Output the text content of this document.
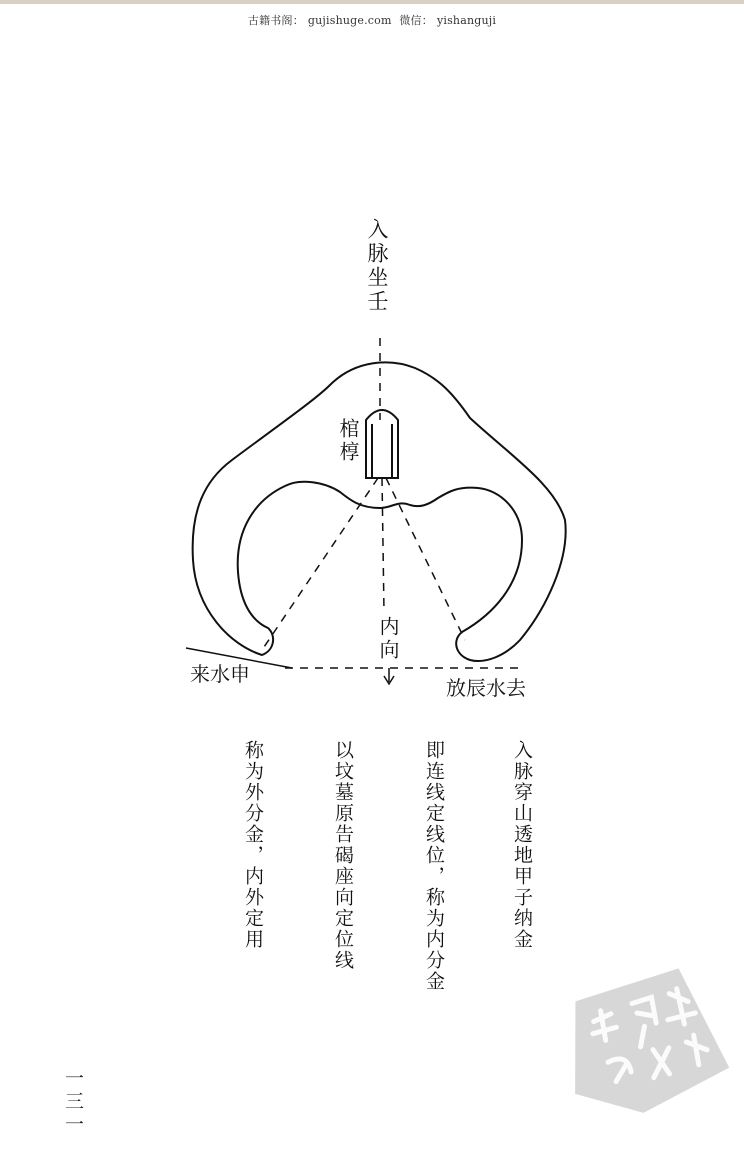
古籍书阁： gujishuge.com 微信： yishanguji
入脉坐壬
棺椁
内向
来水申
放辰水去
入脉穿山透地甲子纳金
即连线定线位，称为内分金
以坟墓原告碣座向定位线
称为外分金，内外定用
一三一
